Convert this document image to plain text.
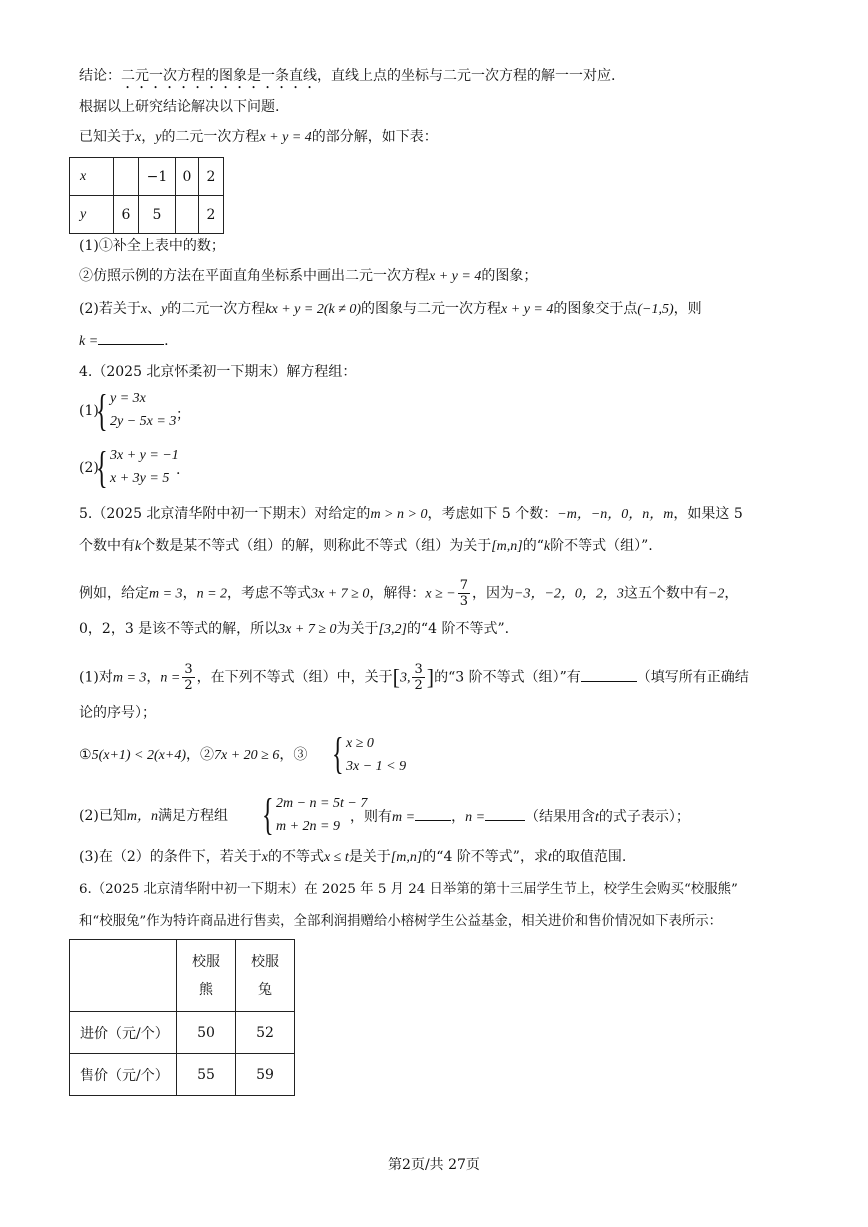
结论：二元一次方程的图象是一条直线，直线上点的坐标与二元一次方程的解一一对应.
根据以上研究结论解决以下问题.
已知关于x，y的二元一次方程x + y = 4的部分解，如下表：
x		−1	0	2
y	6	5		2
(1)①补全上表中的数；
②仿照示例的方法在平面直角坐标系中画出二元一次方程x + y = 4的图象；
(2)若关于x、y的二元一次方程kx + y = 2(k ≠ 0)的图象与二元一次方程x + y = 4的图象交于点(−1,5)，则
k =	.
4.（2025 北京怀柔初一下期末）解方程组：
(1)
{ y = 3x
2y − 5x = 3 ；
(2)
{ 3x + y = −1
x + 3y = 5
.
5.（2025 北京清华附中初一下期末）对给定的m > n > 0，考虑如下 5 个数：−m，−n，0，n，m，如果这 5
个数中有k个数是某不等式（组）的解，则称此不等式（组）为关于[m,n]的“k阶不等式（组）”.
例如，给定m = 3，n = 2，考虑不等式3x + 7 ≥ 0，解得：x ≥ − $\frac{7}{3}$ ，因为−3，−2，0，2，3这五个数中有−2，
0，2，3 是该不等式的解，所以3x + 7 ≥ 0为关于[3,2]的“4 阶不等式”.
(1)对m = 3，$n = \frac{3}{2}$ ，在下列不等式（组）中，关于[3, $\frac{3}{2}$ ]的“3 阶不等式（组）”有	（填写所有正确结
论的序号）；
①5(x+1) < 2(x+4)，②7x + 20 ≥ 6，③ { x ≥ 0
3x − 1 < 9
(2)已知m，n满足方程组 { 2m − n = 5t − 7
m + 2n = 9
，则有m =	，n =	（结果用含t的式子表示）；
(3)在（2）的条件下，若关于x的不等式x ≤ t是关于[m,n]的“4 阶不等式”，求t的取值范围.
6.（2025 北京清华附中初一下期末）在 2025 年 5 月 24 日举第的第十三届学生节上，校学生会购买“校服熊”
和“校服兔”作为特许商品进行售卖，全部利润捐赠给小榕树学生公益基金，相关进价和售价情况如下表所示：

	校服熊	校服兔

进价（元/个）	50	52
售价（元/个）	55	59
第2页/共 27页
